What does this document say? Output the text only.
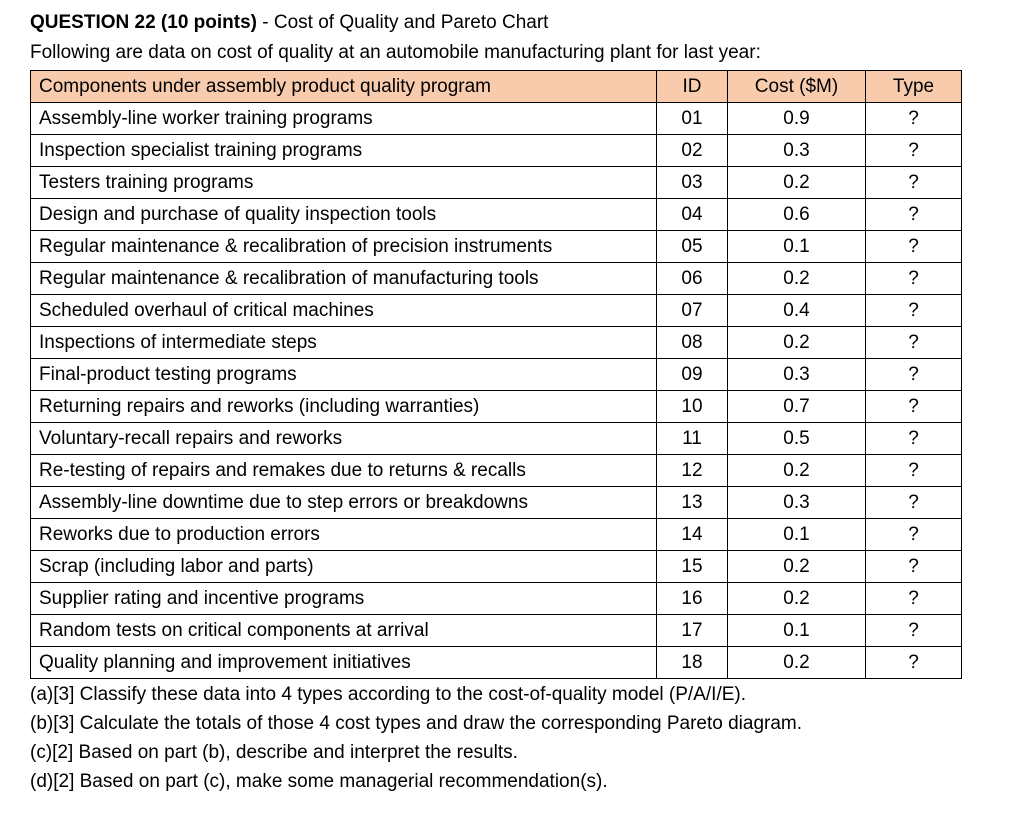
QUESTION 22 (10 points) - Cost of Quality and Pareto Chart
Following are data on cost of quality at an automobile manufacturing plant for last year:
Components under assembly product quality program	ID	Cost ($M)	Type
Assembly-line worker training programs	01	0.9	?
Inspection specialist training programs	02	0.3	?
Testers training programs	03	0.2	?
Design and purchase of quality inspection tools	04	0.6	?
Regular maintenance & recalibration of precision instruments	05	0.1	?
Regular maintenance & recalibration of manufacturing tools	06	0.2	?
Scheduled overhaul of critical machines	07	0.4	?
Inspections of intermediate steps	08	0.2	?
Final-product testing programs	09	0.3	?
Returning repairs and reworks (including warranties)	10	0.7	?
Voluntary-recall repairs and reworks	11	0.5	?
Re-testing of repairs and remakes due to returns & recalls	12	0.2	?
Assembly-line downtime due to step errors or breakdowns	13	0.3	?
Reworks due to production errors	14	0.1	?
Scrap (including labor and parts)	15	0.2	?
Supplier rating and incentive programs	16	0.2	?
Random tests on critical components at arrival	17	0.1	?
Quality planning and improvement initiatives	18	0.2	?
(a)[3] Classify these data into 4 types according to the cost-of-quality model (P/A/I/E).
(b)[3] Calculate the totals of those 4 cost types and draw the corresponding Pareto diagram.
(c)[2] Based on part (b), describe and interpret the results.
(d)[2] Based on part (c), make some managerial recommendation(s).
